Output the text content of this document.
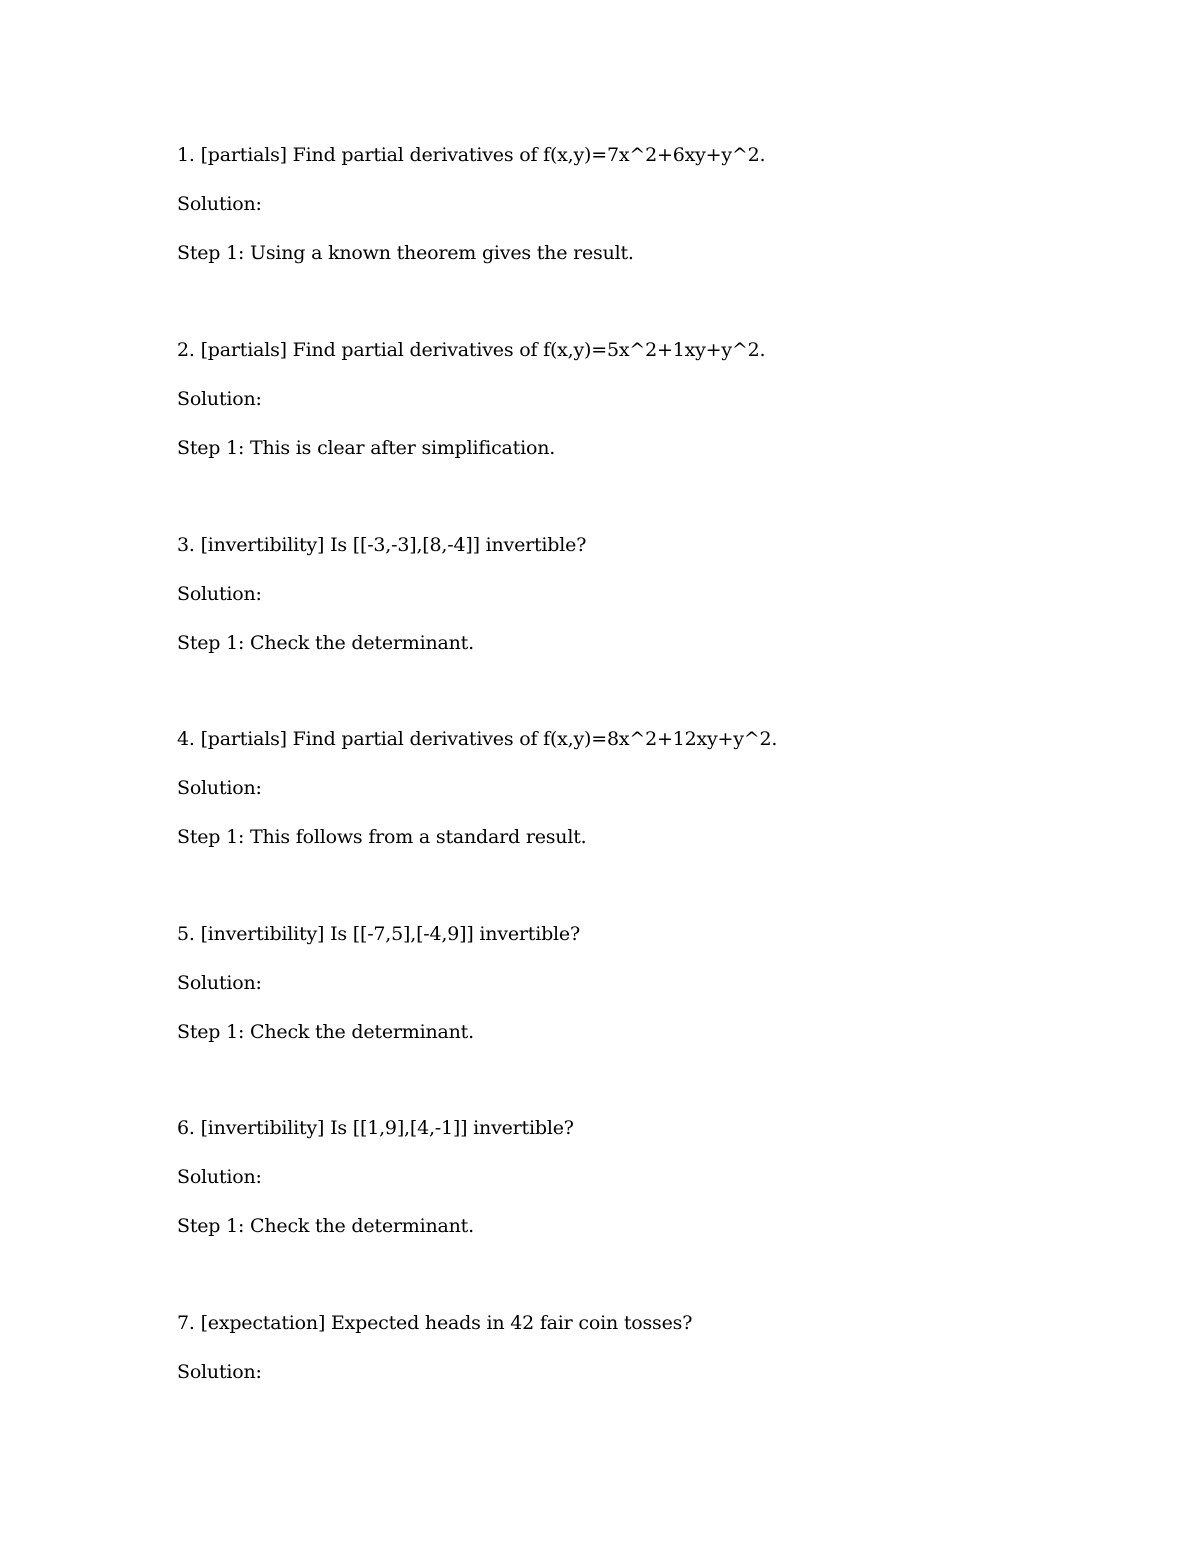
1. [partials] Find partial derivatives of f(x,y)=7x^2+6xy+y^2.
Solution:
Step 1: Using a known theorem gives the result.
2. [partials] Find partial derivatives of f(x,y)=5x^2+1xy+y^2.
Solution:
Step 1: This is clear after simplification.
3. [invertibility] Is [[-3,-3],[8,-4]] invertible?
Solution:
Step 1: Check the determinant.
4. [partials] Find partial derivatives of f(x,y)=8x^2+12xy+y^2.
Solution:
Step 1: This follows from a standard result.
5. [invertibility] Is [[-7,5],[-4,9]] invertible?
Solution:
Step 1: Check the determinant.
6. [invertibility] Is [[1,9],[4,-1]] invertible?
Solution:
Step 1: Check the determinant.
7. [expectation] Expected heads in 42 fair coin tosses?
Solution:
